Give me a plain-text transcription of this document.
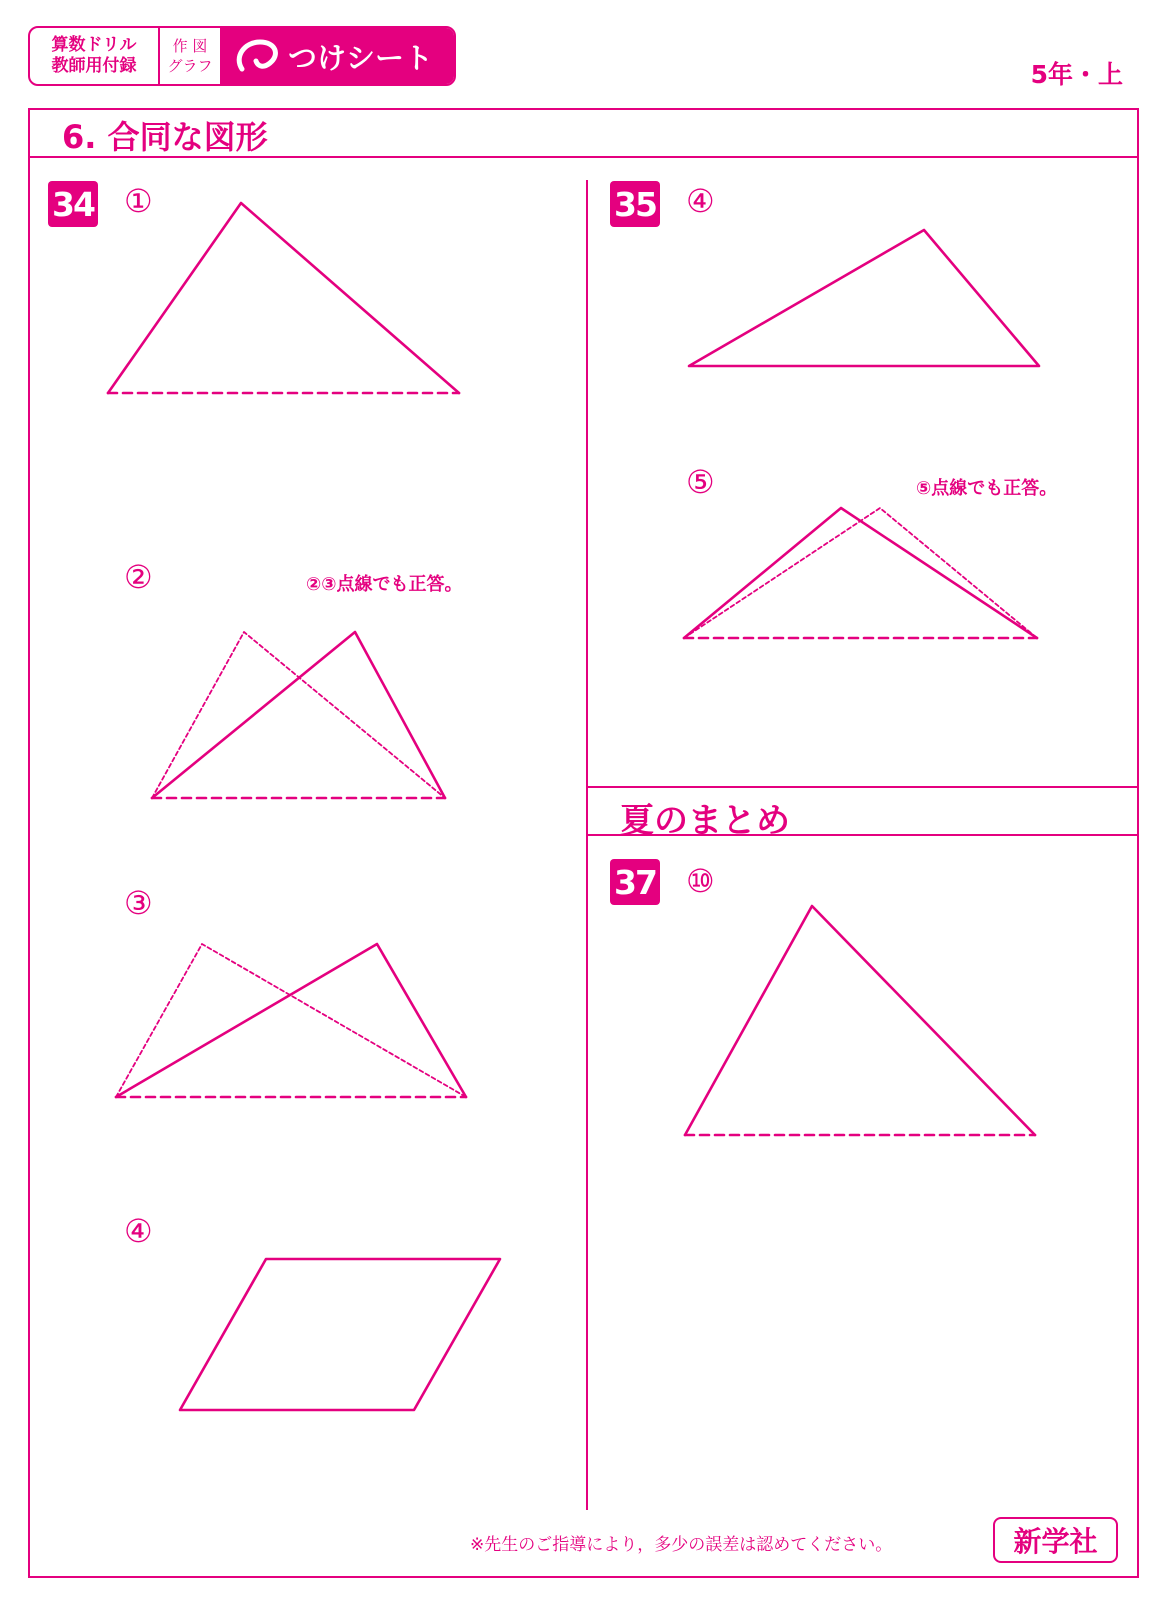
算数ドリル
教師用付録
作 図
グラフ	つけシート	5年・上
6. 合同な図形
夏のまとめ
34	35
37
①
②
③
④
④
⑤
⑩
②③点線でも正答。
⑤点線でも正答。
※先生のご指導により，多少の誤差は認めてください。	新学社
